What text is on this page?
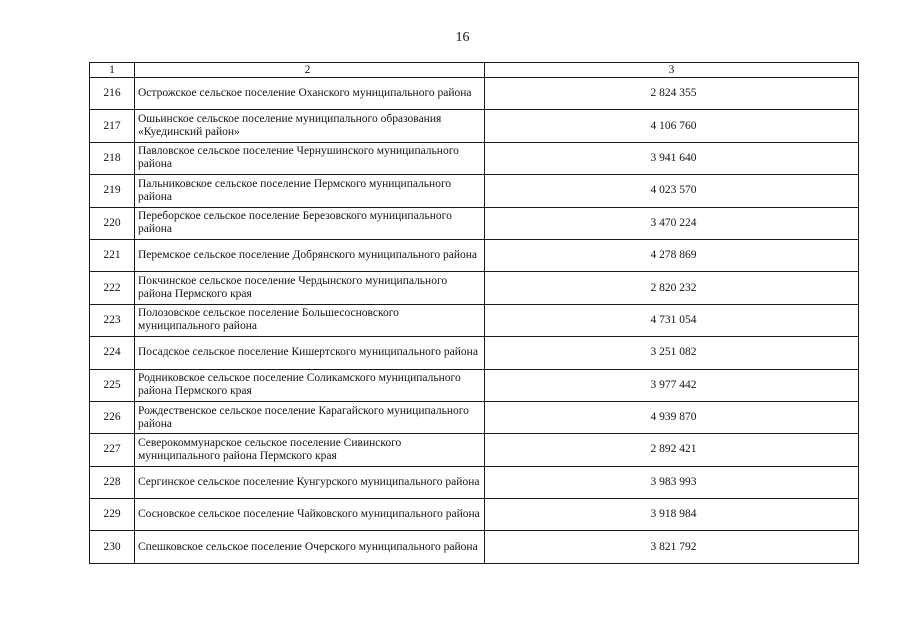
16
1	2	3
216	Острожское сельское поселение Оханского муниципального района	2 824 355
217	Ошьинское сельское поселение муниципального образования «Куединский район»	4 106 760
218	Павловское сельское поселение Чернушинского муниципального района	3 941 640
219	Пальниковское сельское поселение Пермского муниципального района	4 023 570
220	Переборское сельское поселение Березовского муниципального района	3 470 224
221	Перемское сельское поселение Добрянского муниципального района	4 278 869
222	Покчинское сельское поселение Чердынского муниципального района Пермского края	2 820 232
223	Полозовское сельское поселение Большесосновского муниципального района	4 731 054
224	Посадское сельское поселение Кишертского муниципального района	3 251 082
225	Родниковское сельское поселение Соликамского муниципального района Пермского края	3 977 442
226	Рождественское сельское поселение Карагайского муниципального района	4 939 870
227	Северокоммунарское сельское поселение Сивинского муниципального района Пермского края	2 892 421
228	Сергинское сельское поселение Кунгурского муниципального района	3 983 993
229	Сосновское сельское поселение Чайковского муниципального района	3 918 984
230	Спешковское сельское поселение Очерского муниципального района	3 821 792
